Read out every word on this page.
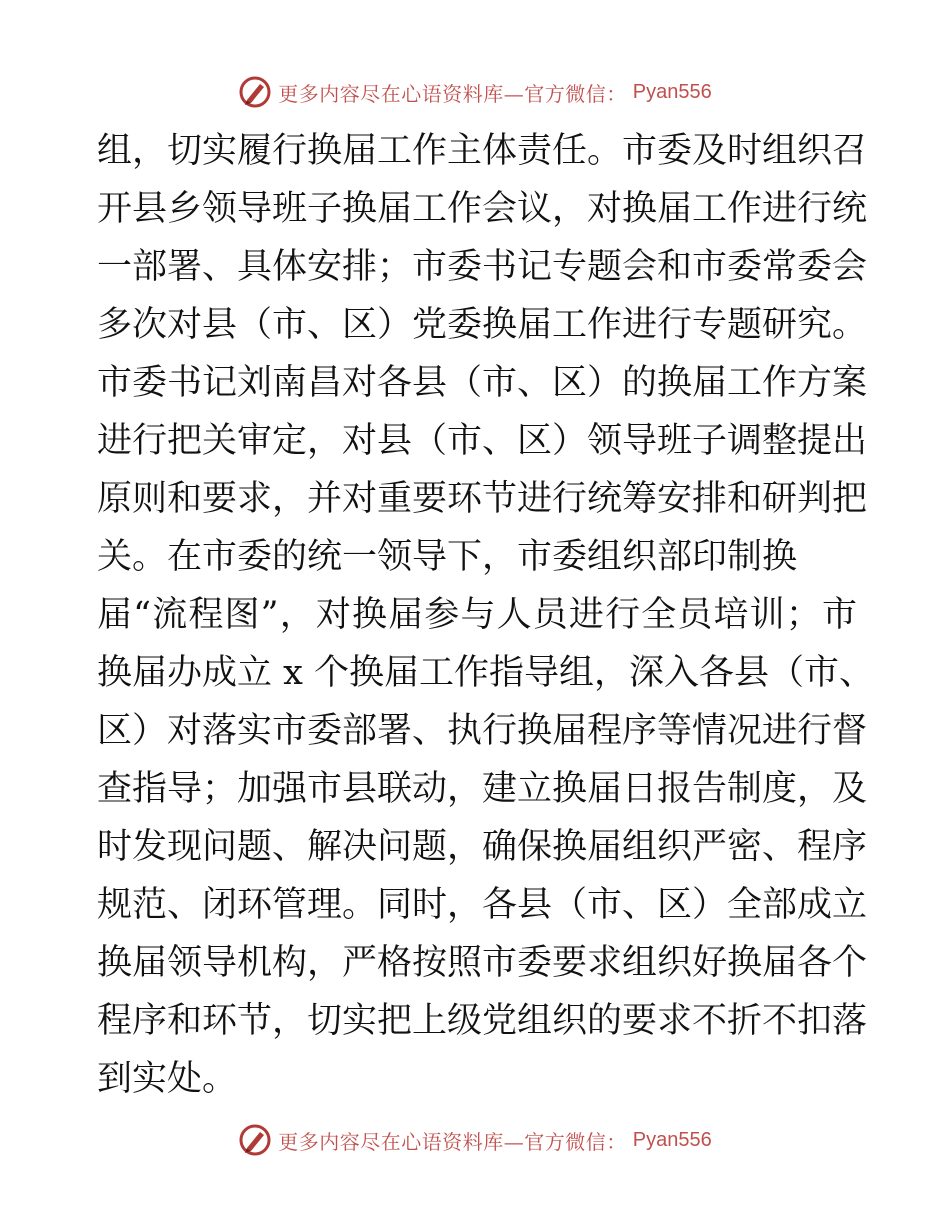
更多内容尽在心语资料库—官方微信： Pyan556
组，切实履行换届工作主体责任。市委及时组织召
开县乡领导班子换届工作会议，对换届工作进行统
一部署、具体安排；市委书记专题会和市委常委会
多次对县（市、区）党委换届工作进行专题研究。
市委书记刘南昌对各县（市、区）的换届工作方案
进行把关审定，对县（市、区）领导班子调整提出
原则和要求，并对重要环节进行统筹安排和研判把
关。在市委的统一领导下，市委组织部印制换
届“流程图”，对换届参与人员进行全员培训；市
换届办成立 x 个换届工作指导组，深入各县（市、
区）对落实市委部署、执行换届程序等情况进行督
查指导；加强市县联动，建立换届日报告制度，及
时发现问题、解决问题，确保换届组织严密、程序
规范、闭环管理。同时，各县（市、区）全部成立
换届领导机构，严格按照市委要求组织好换届各个
程序和环节，切实把上级党组织的要求不折不扣落
到实处。
更多内容尽在心语资料库—官方微信： Pyan556
